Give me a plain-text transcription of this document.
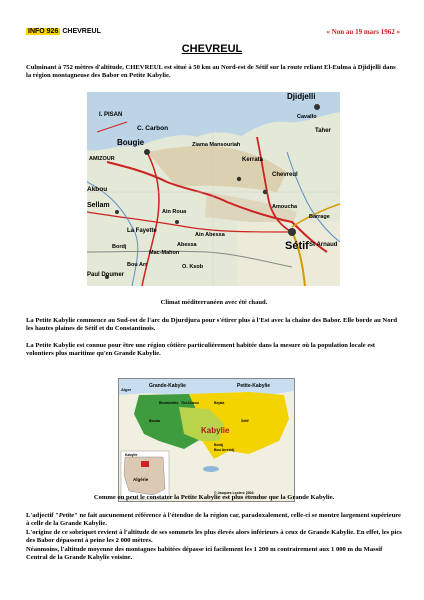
INFO 926 CHEVREUL	« Non au 19 mars 1962 »
CHEVREUL
Culminant à 752 mètres d'altitude, CHEVREUL est situé à 50 km au Nord-est de Sétif sur la route reliant El-Eulma à Djidjelli dans la région montagneuse des Babor en Petite Kabylie.
I. PISAN
C. Carbon
Bougie	Ziama Mansouriah
Djidjelli
Cavallo
Taher
AMIZOUR	Kerrata
Chevreul
Sétif St Arnaud
Akbou
La Fayette
Ain Abessa
Amoucha
Paul Doumer
Ain Roua
Bou Arr
Sellam
Abessa
Mac-Mahon
Barrage
O. Ksob
Bordj
Climat méditerranéen avec été chaud.
La Petite Kabylie commence au Sud-est de l'arc du Djurdjura pour s'étirer plus à l'Est avec la chaîne des Babor. Elle borde au Nord les hautes plaines de Sétif et du Constantinois.
La Petite Kabylie est connue pour être une région côtière particulièrement habitée dans la mesure où la population locale est volontiers plus maritime qu'en Grande Kabylie.
Alger
Grande-Kabylie	Petite-Kabylie
Kabylie
Boumerdès Tizi-Ouzou	Béjaïa
Bouira	Sétif
Bordj
Bou Arreridj
Kabylie
Algérie
© Jacques Leclerc 2004
Comme on peut le constater la Petite Kabylie est plus étendue que la Grande Kabylie.
L'adjectif "Petite" ne fait aucunement référence à l'étendue de la région car, paradoxalement, celle-ci se montre largement supérieure à celle de la Grande Kabylie.
L'origine de ce sobriquet revient à l'altitude de ses sommets les plus élevés alors inférieurs à ceux de Grande Kabylie. En effet, les pics des Babor dépassent à peine les 2 000 mètres.
Néanmoins, l'altitude moyenne des montagnes habitées dépasse ici facilement les 1 200 m contrairement aux 1 000 m du Massif Central de la Grande Kabylie voisine.
